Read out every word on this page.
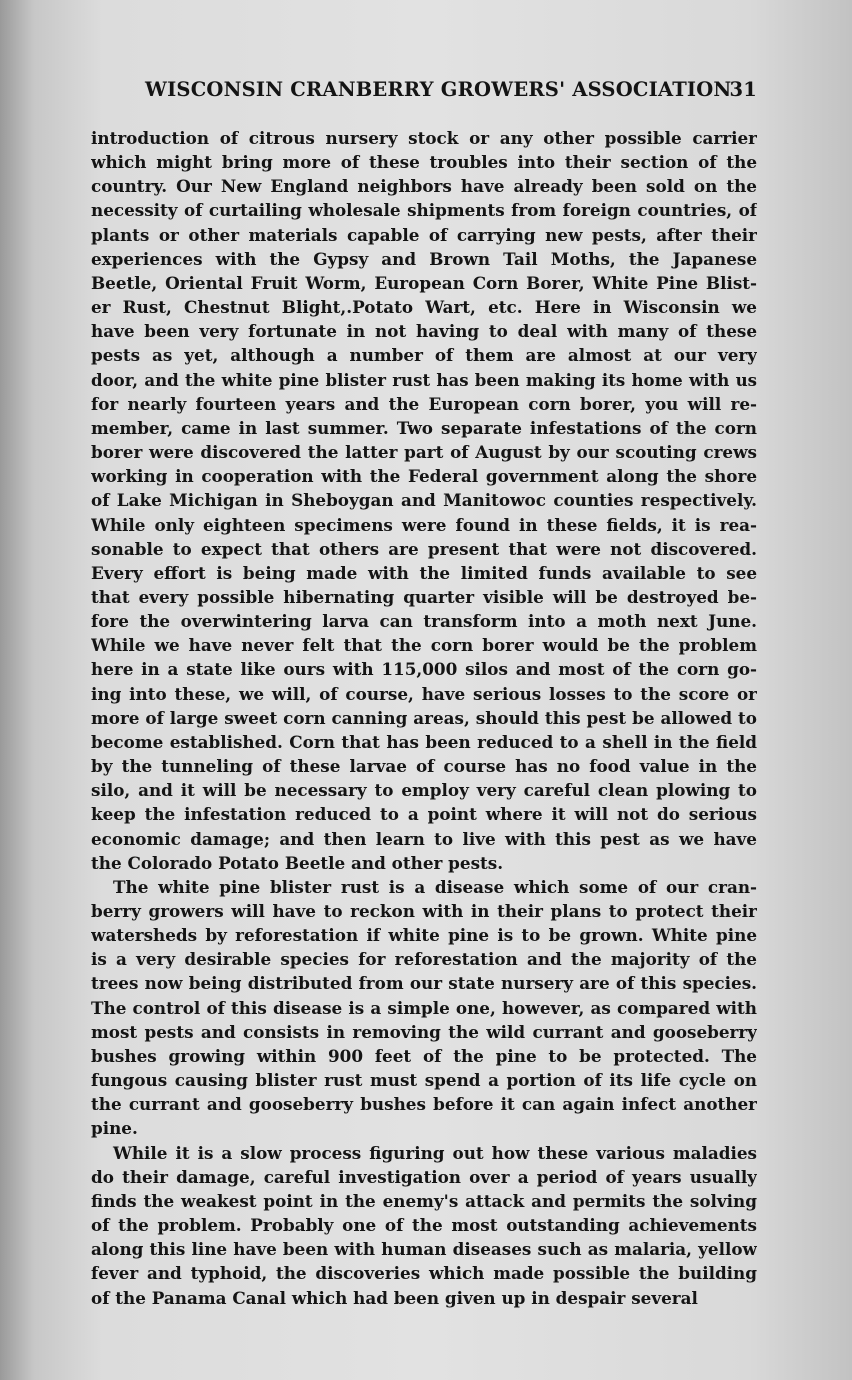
WISCONSIN CRANBERRY GROWERS' ASSOCIATION
31
introduction of citrous nursery stock or any other possible carrier
which might bring more of these troubles into their section of the
country. Our New England neighbors have already been sold on the
necessity of curtailing wholesale shipments from foreign countries, of
plants or other materials capable of carrying new pests, after their
experiences with the Gypsy and Brown Tail Moths, the Japanese
Beetle, Oriental Fruit Worm, European Corn Borer, White Pine Blist-
er Rust, Chestnut Blight,.Potato Wart, etc. Here in Wisconsin we
have been very fortunate in not having to deal with many of these
pests as yet, although a number of them are almost at our very
door, and the white pine blister rust has been making its home with us
for nearly fourteen years and the European corn borer, you will re-
member, came in last summer. Two separate infestations of the corn
borer were discovered the latter part of August by our scouting crews
working in cooperation with the Federal government along the shore
of Lake Michigan in Sheboygan and Manitowoc counties respectively.
While only eighteen specimens were found in these fields, it is rea-
sonable to expect that others are present that were not discovered.
Every effort is being made with the limited funds available to see
that every possible hibernating quarter visible will be destroyed be-
fore the overwintering larva can transform into a moth next June.
While we have never felt that the corn borer would be the problem
here in a state like ours with 115,000 silos and most of the corn go-
ing into these, we will, of course, have serious losses to the score or
more of large sweet corn canning areas, should this pest be allowed to
become established. Corn that has been reduced to a shell in the field
by the tunneling of these larvae of course has no food value in the
silo, and it will be necessary to employ very careful clean plowing to
keep the infestation reduced to a point where it will not do serious
economic damage; and then learn to live with this pest as we have
the Colorado Potato Beetle and other pests.
The white pine blister rust is a disease which some of our cran-
berry growers will have to reckon with in their plans to protect their
watersheds by reforestation if white pine is to be grown. White pine
is a very desirable species for reforestation and the majority of the
trees now being distributed from our state nursery are of this species.
The control of this disease is a simple one, however, as compared with
most pests and consists in removing the wild currant and gooseberry
bushes growing within 900 feet of the pine to be protected. The
fungous causing blister rust must spend a portion of its life cycle on
the currant and gooseberry bushes before it can again infect another
pine.
While it is a slow process figuring out how these various maladies
do their damage, careful investigation over a period of years usually
finds the weakest point in the enemy's attack and permits the solving
of the problem. Probably one of the most outstanding achievements
along this line have been with human diseases such as malaria, yellow
fever and typhoid, the discoveries which made possible the building
of the Panama Canal which had been given up in despair several
